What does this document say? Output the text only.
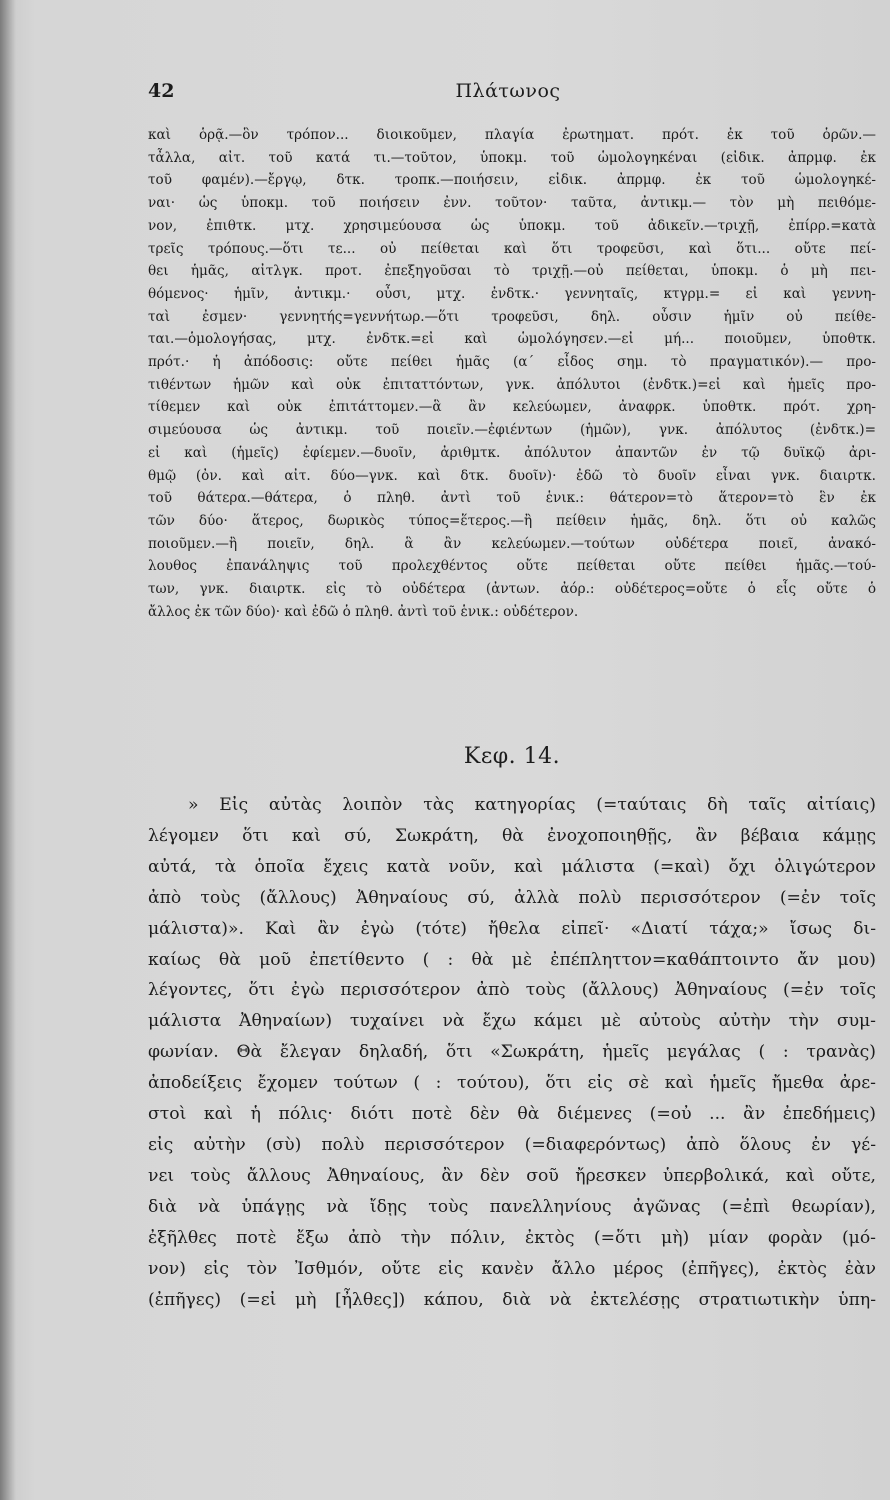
42	Πλάτωνος

καὶ ὁρᾷ.—ὃν τρόπον... διοικοῦμεν, πλαγία ἐρωτηματ. πρότ. ἐκ τοῦ ὁρῶν.—

τἆλλα, αἰτ. τοῦ κατά τι.—τοῦτον, ὑποκμ. τοῦ ὡμολογηκέναι (εἰδικ. ἀπρμφ. ἐκ

τοῦ φαμέν).—ἔργῳ, δτκ. τροπκ.—ποιήσειν, εἰδικ. ἀπρμφ. ἐκ τοῦ ὡμολογηκέ-

ναι· ὡς ὑποκμ. τοῦ ποιήσειν ἐνν. τοῦτον· ταῦτα, ἀντικμ.— τὸν μὴ πειθόμε-

νον, ἐπιθτκ. μτχ. χρησιμεύουσα ὡς ὑποκμ. τοῦ ἀδικεῖν.—τριχῇ, ἐπίρρ.=κατὰ

τρεῖς τρόπους.—ὅτι τε... οὐ πείθεται καὶ ὅτι τροφεῦσι, καὶ ὅτι... οὔτε πεί-

θει ἡμᾶς, αἰτλγκ. προτ. ἐπεξηγοῦσαι τὸ τριχῇ.—οὐ πείθεται, ὑποκμ. ὁ μὴ πει-

θόμενος· ἡμῖν, ἀντικμ.· οὖσι, μτχ. ἐνδτκ.· γεννηταῖς, κτγρμ.= εἰ καὶ γεννη-

ταὶ ἐσμεν· γεννητής=γεννήτωρ.—ὅτι τροφεῦσι, δηλ. οὖσιν ἡμῖν οὐ πείθε-

ται.—ὁμολογήσας, μτχ. ἐνδτκ.=εἰ καὶ ὡμολόγησεν.—εἰ μή... ποιοῦμεν, ὑποθτκ.

πρότ.· ἡ ἀπόδοσις: οὔτε πείθει ἡμᾶς (α΄ εἶδος σημ. τὸ πραγματικόν).— προ-

τιθέντων ἡμῶν καὶ οὐκ ἐπιταττόντων, γνκ. ἀπόλυτοι (ἐνδτκ.)=εἰ καὶ ἡμεῖς προ-

τίθεμεν καὶ οὐκ ἐπιτάττομεν.—ἃ ἂν κελεύωμεν, ἀναφρκ. ὑποθτκ. πρότ. χρη-

σιμεύουσα ὡς ἀντικμ. τοῦ ποιεῖν.—ἐφιέντων (ἡμῶν), γνκ. ἀπόλυτος (ἐνδτκ.)=

εἰ καὶ (ἡμεῖς) ἐφίεμεν.—δυοῖν, ἀριθμτκ. ἀπόλυτον ἀπαντῶν ἐν τῷ δυϊκῷ ἀρι-

θμῷ (ὀν. καὶ αἰτ. δύο—γνκ. καὶ δτκ. δυοῖν)· ἐδῶ τὸ δυοῖν εἶναι γνκ. διαιρτκ.

τοῦ θάτερα.—θάτερα, ὁ πληθ. ἀντὶ τοῦ ἑνικ.: θάτερον=τὸ ἅτερον=τὸ ἓν ἐκ

τῶν δύο· ἅτερος, δωρικὸς τύπος=ἕτερος.—ἢ πείθειν ἡμᾶς, δηλ. ὅτι οὐ καλῶς

ποιοῦμεν.—ἢ ποιεῖν, δηλ. ἃ ἂν κελεύωμεν.—τούτων οὐδέτερα ποιεῖ, ἀνακό-

λουθος ἐπανάληψις τοῦ προλεχθέντος οὔτε πείθεται οὔτε πείθει ἡμᾶς.—τού-

των, γνκ. διαιρτκ. εἰς τὸ οὐδέτερα (ἀντων. ἀόρ.: οὐδέτερος=οὔτε ὁ εἷς οὔτε ὁ

ἄλλος ἐκ τῶν δύο)· καὶ ἐδῶ ὁ πληθ. ἀντὶ τοῦ ἑνικ.: οὐδέτερον.

Κεφ. 14.

» Εἰς αὐτὰς λοιπὸν τὰς κατηγορίας (=ταύταις δὴ ταῖς αἰτίαις)

λέγομεν ὅτι καὶ σύ, Σωκράτη, θὰ ἐνοχοποιηθῇς, ἂν βέβαια κάμῃς

αὐτά, τὰ ὁποῖα ἔχεις κατὰ νοῦν, καὶ μάλιστα (=καὶ) ὄχι ὀλιγώτερον

ἀπὸ τοὺς (ἄλλους) Ἀθηναίους σύ, ἀλλὰ πολὺ περισσότερον (=ἐν τοῖς

μάλιστα)». Καὶ ἂν ἐγὼ (τότε) ἤθελα εἰπεῖ· «Διατί τάχα;» ἴσως δι-

καίως θὰ μοῦ ἐπετίθεντο ( : θὰ μὲ ἐπέπληττον=καθάπτοιντο ἄν μου)

λέγοντες, ὅτι ἐγὼ περισσότερον ἀπὸ τοὺς (ἄλλους) Ἀθηναίους (=ἐν τοῖς

μάλιστα Ἀθηναίων) τυχαίνει νὰ ἔχω κάμει μὲ αὐτοὺς αὐτὴν τὴν συμ-

φωνίαν. Θὰ ἔλεγαν δηλαδή, ὅτι «Σωκράτη, ἡμεῖς μεγάλας ( : τρανὰς)

ἀποδείξεις ἔχομεν τούτων ( : τούτου), ὅτι εἰς σὲ καὶ ἡμεῖς ἤμεθα ἀρε-

στοὶ καὶ ἡ πόλις· διότι ποτὲ δὲν θὰ διέμενες (=οὐ ... ἂν ἐπεδήμεις)

εἰς αὐτὴν (σὺ) πολὺ περισσότερον (=διαφερόντως) ἀπὸ ὅλους ἐν γέ-

νει τοὺς ἄλλους Ἀθηναίους, ἂν δὲν σοῦ ἤρεσκεν ὑπερβολικά, καὶ οὔτε,

διὰ νὰ ὑπάγῃς νὰ ἴδῃς τοὺς πανελληνίους ἀγῶνας (=ἐπὶ θεωρίαν),

ἐξῆλθες ποτὲ ἔξω ἀπὸ τὴν πόλιν, ἐκτὸς (=ὅτι μὴ) μίαν φορὰν (μό-

νον) εἰς τὸν Ἰσθμόν, οὔτε εἰς κανὲν ἄλλο μέρος (ἐπῆγες), ἐκτὸς ἐὰν

(ἐπῆγες) (=εἰ μὴ [ἦλθες]) κάπου, διὰ νὰ ἐκτελέσῃς στρατιωτικὴν ὑπη-
